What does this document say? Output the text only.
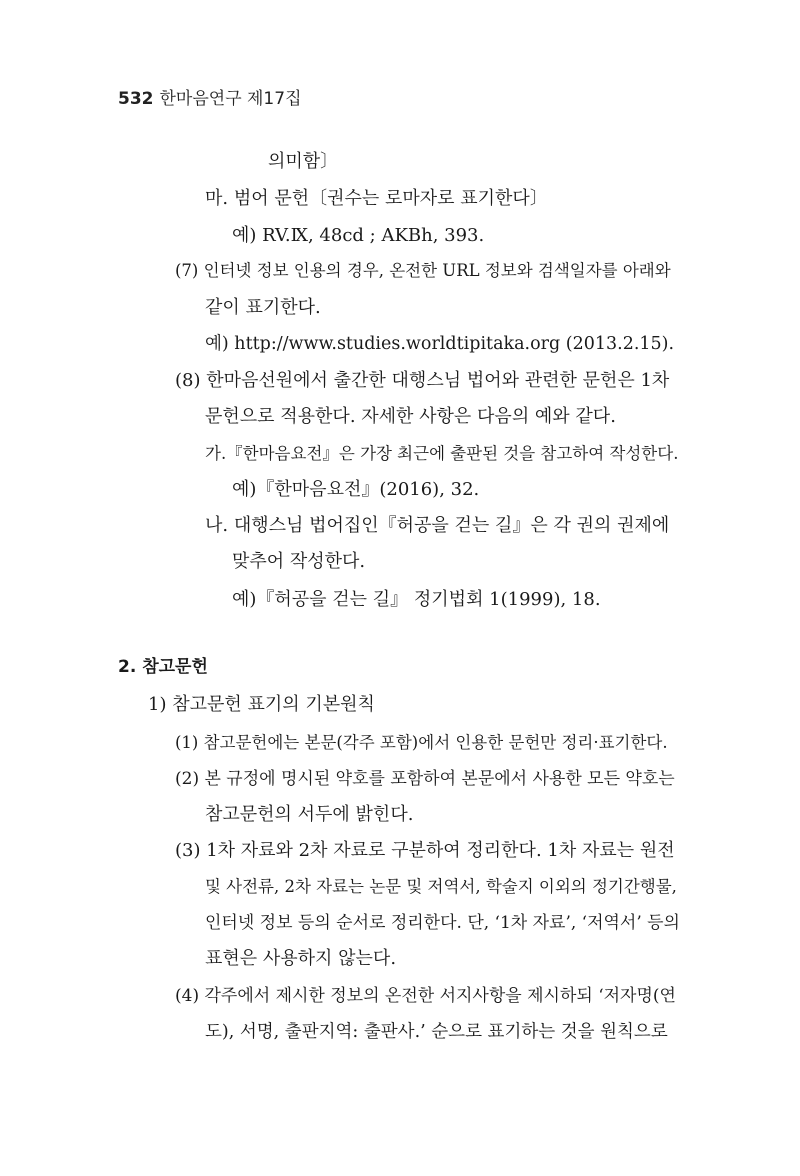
532 한마음연구 제17집
의미함〕
마. 범어 문헌〔권수는 로마자로 표기한다〕
예) RV.Ⅸ, 48cd ; AKBh, 393.
(7) 인터넷 정보 인용의 경우, 온전한 URL 정보와 검색일자를 아래와
같이 표기한다.
예) http://www.studies.worldtipitaka.org (2013.2.15).
(8) 한마음선원에서 출간한 대행스님 법어와 관련한 문헌은 1차
문헌으로 적용한다. 자세한 사항은 다음의 예와 같다.
가.『한마음요전』은 가장 최근에 출판된 것을 참고하여 작성한다.
예)『한마음요전』(2016), 32.
나. 대행스님 법어집인『허공을 걷는 길』은 각 권의 권제에
맞추어 작성한다.
예)『허공을 걷는 길』 정기법회 1(1999), 18.
2. 참고문헌
1) 참고문헌 표기의 기본원칙
(1) 참고문헌에는 본문(각주 포함)에서 인용한 문헌만 정리·표기한다.
(2) 본 규정에 명시된 약호를 포함하여 본문에서 사용한 모든 약호는
참고문헌의 서두에 밝힌다.
(3) 1차 자료와 2차 자료로 구분하여 정리한다. 1차 자료는 원전
및 사전류, 2차 자료는 논문 및 저역서, 학술지 이외의 정기간행물,
인터넷 정보 등의 순서로 정리한다. 단, ‘1차 자료’, ‘저역서’ 등의
표현은 사용하지 않는다.
(4) 각주에서 제시한 정보의 온전한 서지사항을 제시하되 ‘저자명(연
도), 서명, 출판지역: 출판사.’ 순으로 표기하는 것을 원칙으로
